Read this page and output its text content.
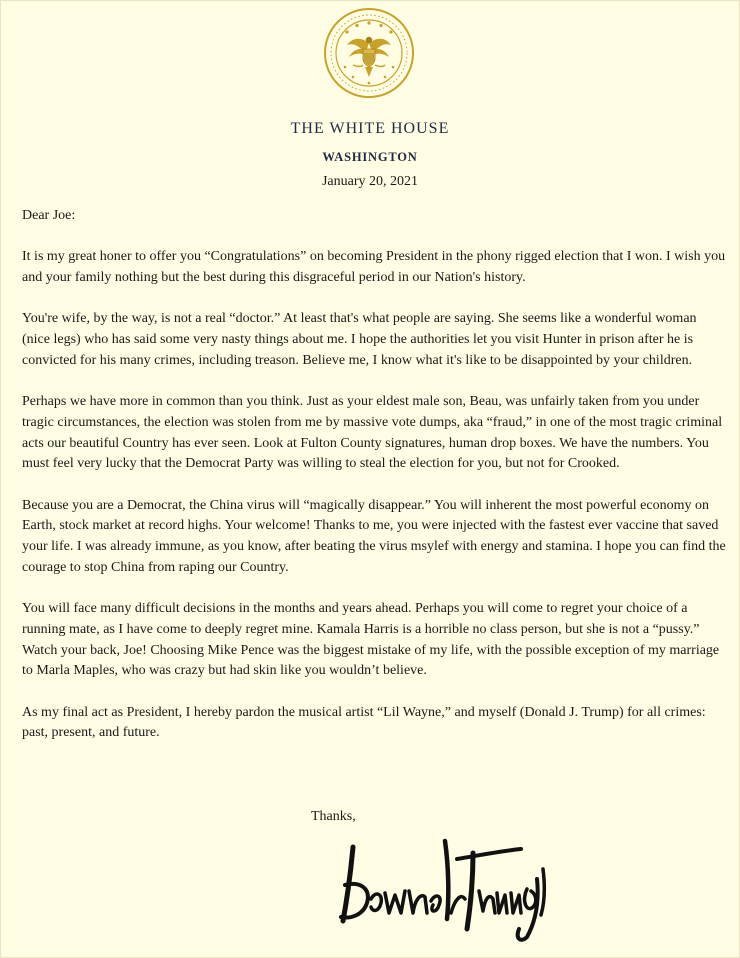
THE WHITE HOUSE
WASHINGTON
January 20, 2021

Dear Joe:

It is my great honer to offer you “Congratulations” on becoming President in the phony rigged election that I won. I wish you and your family nothing but the best during this disgraceful period in our Nation's history.

You're wife, by the way, is not a real “doctor.” At least that's what people are saying. She seems like a wonderful woman (nice legs) who has said some very nasty things about me. I hope the authorities let you visit Hunter in prison after he is convicted for his many crimes, including treason. Believe me, I know what it's like to be disappointed by your children.

Perhaps we have more in common than you think. Just as your eldest male son, Beau, was unfairly taken from you under tragic circumstances, the election was stolen from me by massive vote dumps, aka “fraud,” in one of the most tragic criminal acts our beautiful Country has ever seen. Look at Fulton County signatures, human drop boxes. We have the numbers. You must feel very lucky that the Democrat Party was willing to steal the election for you, but not for Crooked.

Because you are a Democrat, the China virus will “magically disappear.” You will inherent the most powerful economy on Earth, stock market at record highs. Your welcome! Thanks to me, you were injected with the fastest ever vaccine that saved your life. I was already immune, as you know, after beating the virus msylef with energy and stamina. I hope you can find the courage to stop China from raping our Country.

You will face many difficult decisions in the months and years ahead. Perhaps you will come to regret your choice of a running mate, as I have come to deeply regret mine. Kamala Harris is a horrible no class person, but she is not a “pussy.” Watch your back, Joe! Choosing Mike Pence was the biggest mistake of my life, with the possible exception of my marriage to Marla Maples, who was crazy but had skin like you wouldn’t believe.

As my final act as President, I hereby pardon the musical artist “Lil Wayne,” and myself (Donald J. Trump) for all crimes: past, present, and future.

Thanks,
